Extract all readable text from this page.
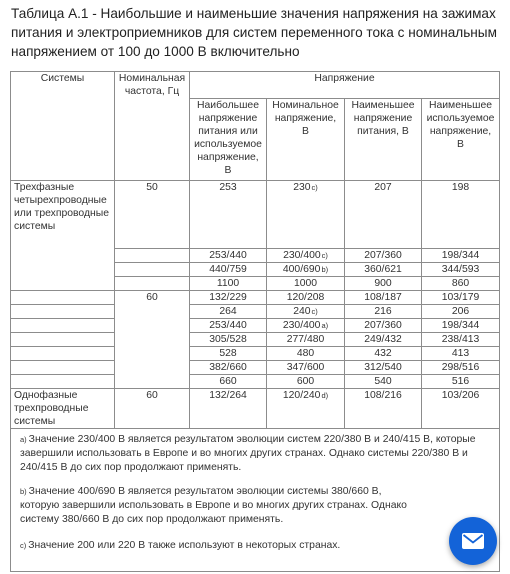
Таблица А.1 - Наибольшие и наименьшие значения напряжения на зажимах питания и электроприемников для систем переменного тока с номинальным напряжением от 100 до 1000 В включительно

Системы	Номинальная частота, Гц	Напряжение			
		Наибольшее напряжение питания или используемое напряжение, В	Номинальное напряжение, В	Наименьшее напряжение питания, В	Наименьшее используемое напряжение, В
Трехфазные четырехпроводные или трехпроводные системы	50	253	230$^{c)}$	207	198
		253/440	230/400$^{c)}$	207/360	198/344
		440/759	400/690$^{b)}$	360/621	344/593
		1100	1000	900	860
	60	132/229	120/208	108/187	103/179
		264	240$^{c)}$	216	206
		253/440	230/400$^{a)}$	207/360	198/344
		305/528	277/480	249/432	238/413
		528	480	432	413
		382/660	347/600	312/540	298/516
		660	600	540	516
Однофазные трехпроводные системы	60	132/264	120/240$^{d)}$	108/216	103/206

$^{a)}$ Значение 230/400 В является результатом эволюции систем 220/380 В и 240/415 В, которые завершили использовать в Европе и во многих других странах. Однако системы 220/380 В и 240/415 В до сих пор продолжают применять.
$^{b)}$ Значение 400/690 В является результатом эволюции системы 380/660 В, которую завершили использовать в Европе и во многих других странах. Однако систему 380/660 В до сих пор продолжают применять.
$^{c)}$ Значение 200 или 220 В также используют в некоторых странах.					
